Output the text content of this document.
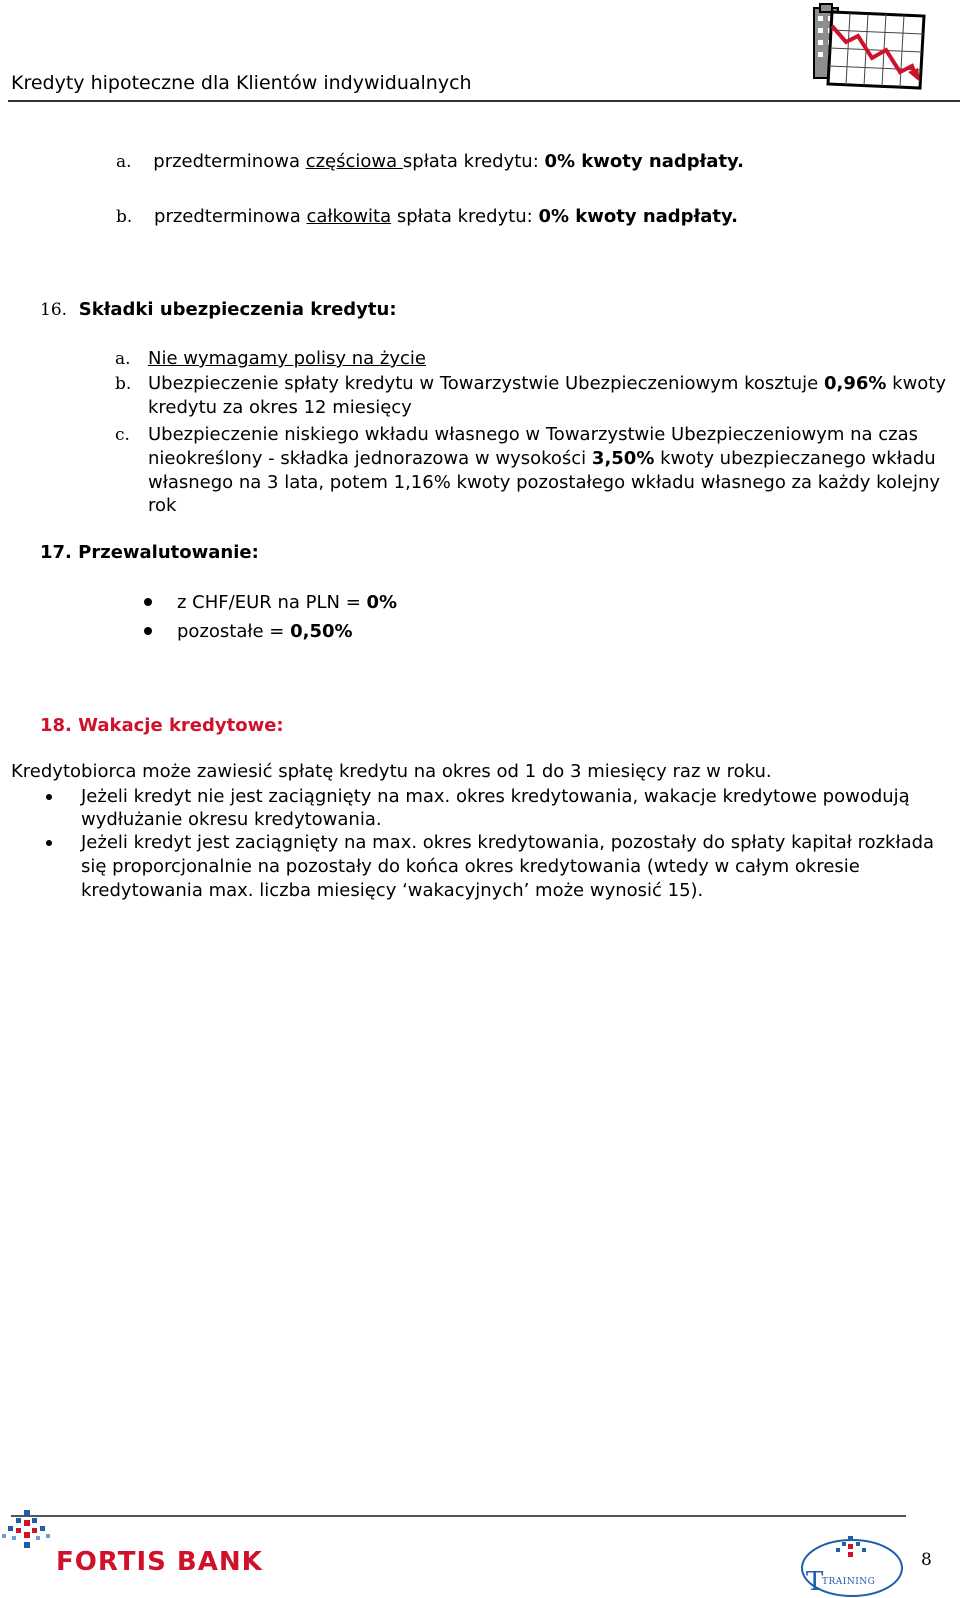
Kredyty hipoteczne dla Klientów indywidualnych
a. przedterminowa częściowa spłata kredytu: 0% kwoty nadpłaty.
b. przedterminowa całkowita spłata kredytu: 0% kwoty nadpłaty.
16. Składki ubezpieczenia kredytu:
a. Nie wymagamy polisy na życie
b. Ubezpieczenie spłaty kredytu w Towarzystwie Ubezpieczeniowym kosztuje 0,96% kwoty
kredytu za okres 12 miesięcy
c. Ubezpieczenie niskiego wkładu własnego w Towarzystwie Ubezpieczeniowym na czas
nieokreślony - składka jednorazowa w wysokości 3,50% kwoty ubezpieczanego wkładu
własnego na 3 lata, potem 1,16% kwoty pozostałego wkładu własnego za każdy kolejny
rok
17. Przewalutowanie:
z CHF/EUR na PLN = 0%
pozostałe = 0,50%
18. Wakacje kredytowe:
Kredytobiorca może zawiesić spłatę kredytu na okres od 1 do 3 miesięcy raz w roku.
Jeżeli kredyt nie jest zaciągnięty na max. okres kredytowania, wakacje kredytowe powodują
wydłużanie okresu kredytowania.
Jeżeli kredyt jest zaciągnięty na max. okres kredytowania, pozostały do spłaty kapitał rozkłada
się proporcjonalnie na pozostały do końca okres kredytowania (wtedy w całym okresie
kredytowania max. liczba miesięcy ‘wakacyjnych’ może wynosić 15).
FORTIS BANK
T
TRAINING
8
